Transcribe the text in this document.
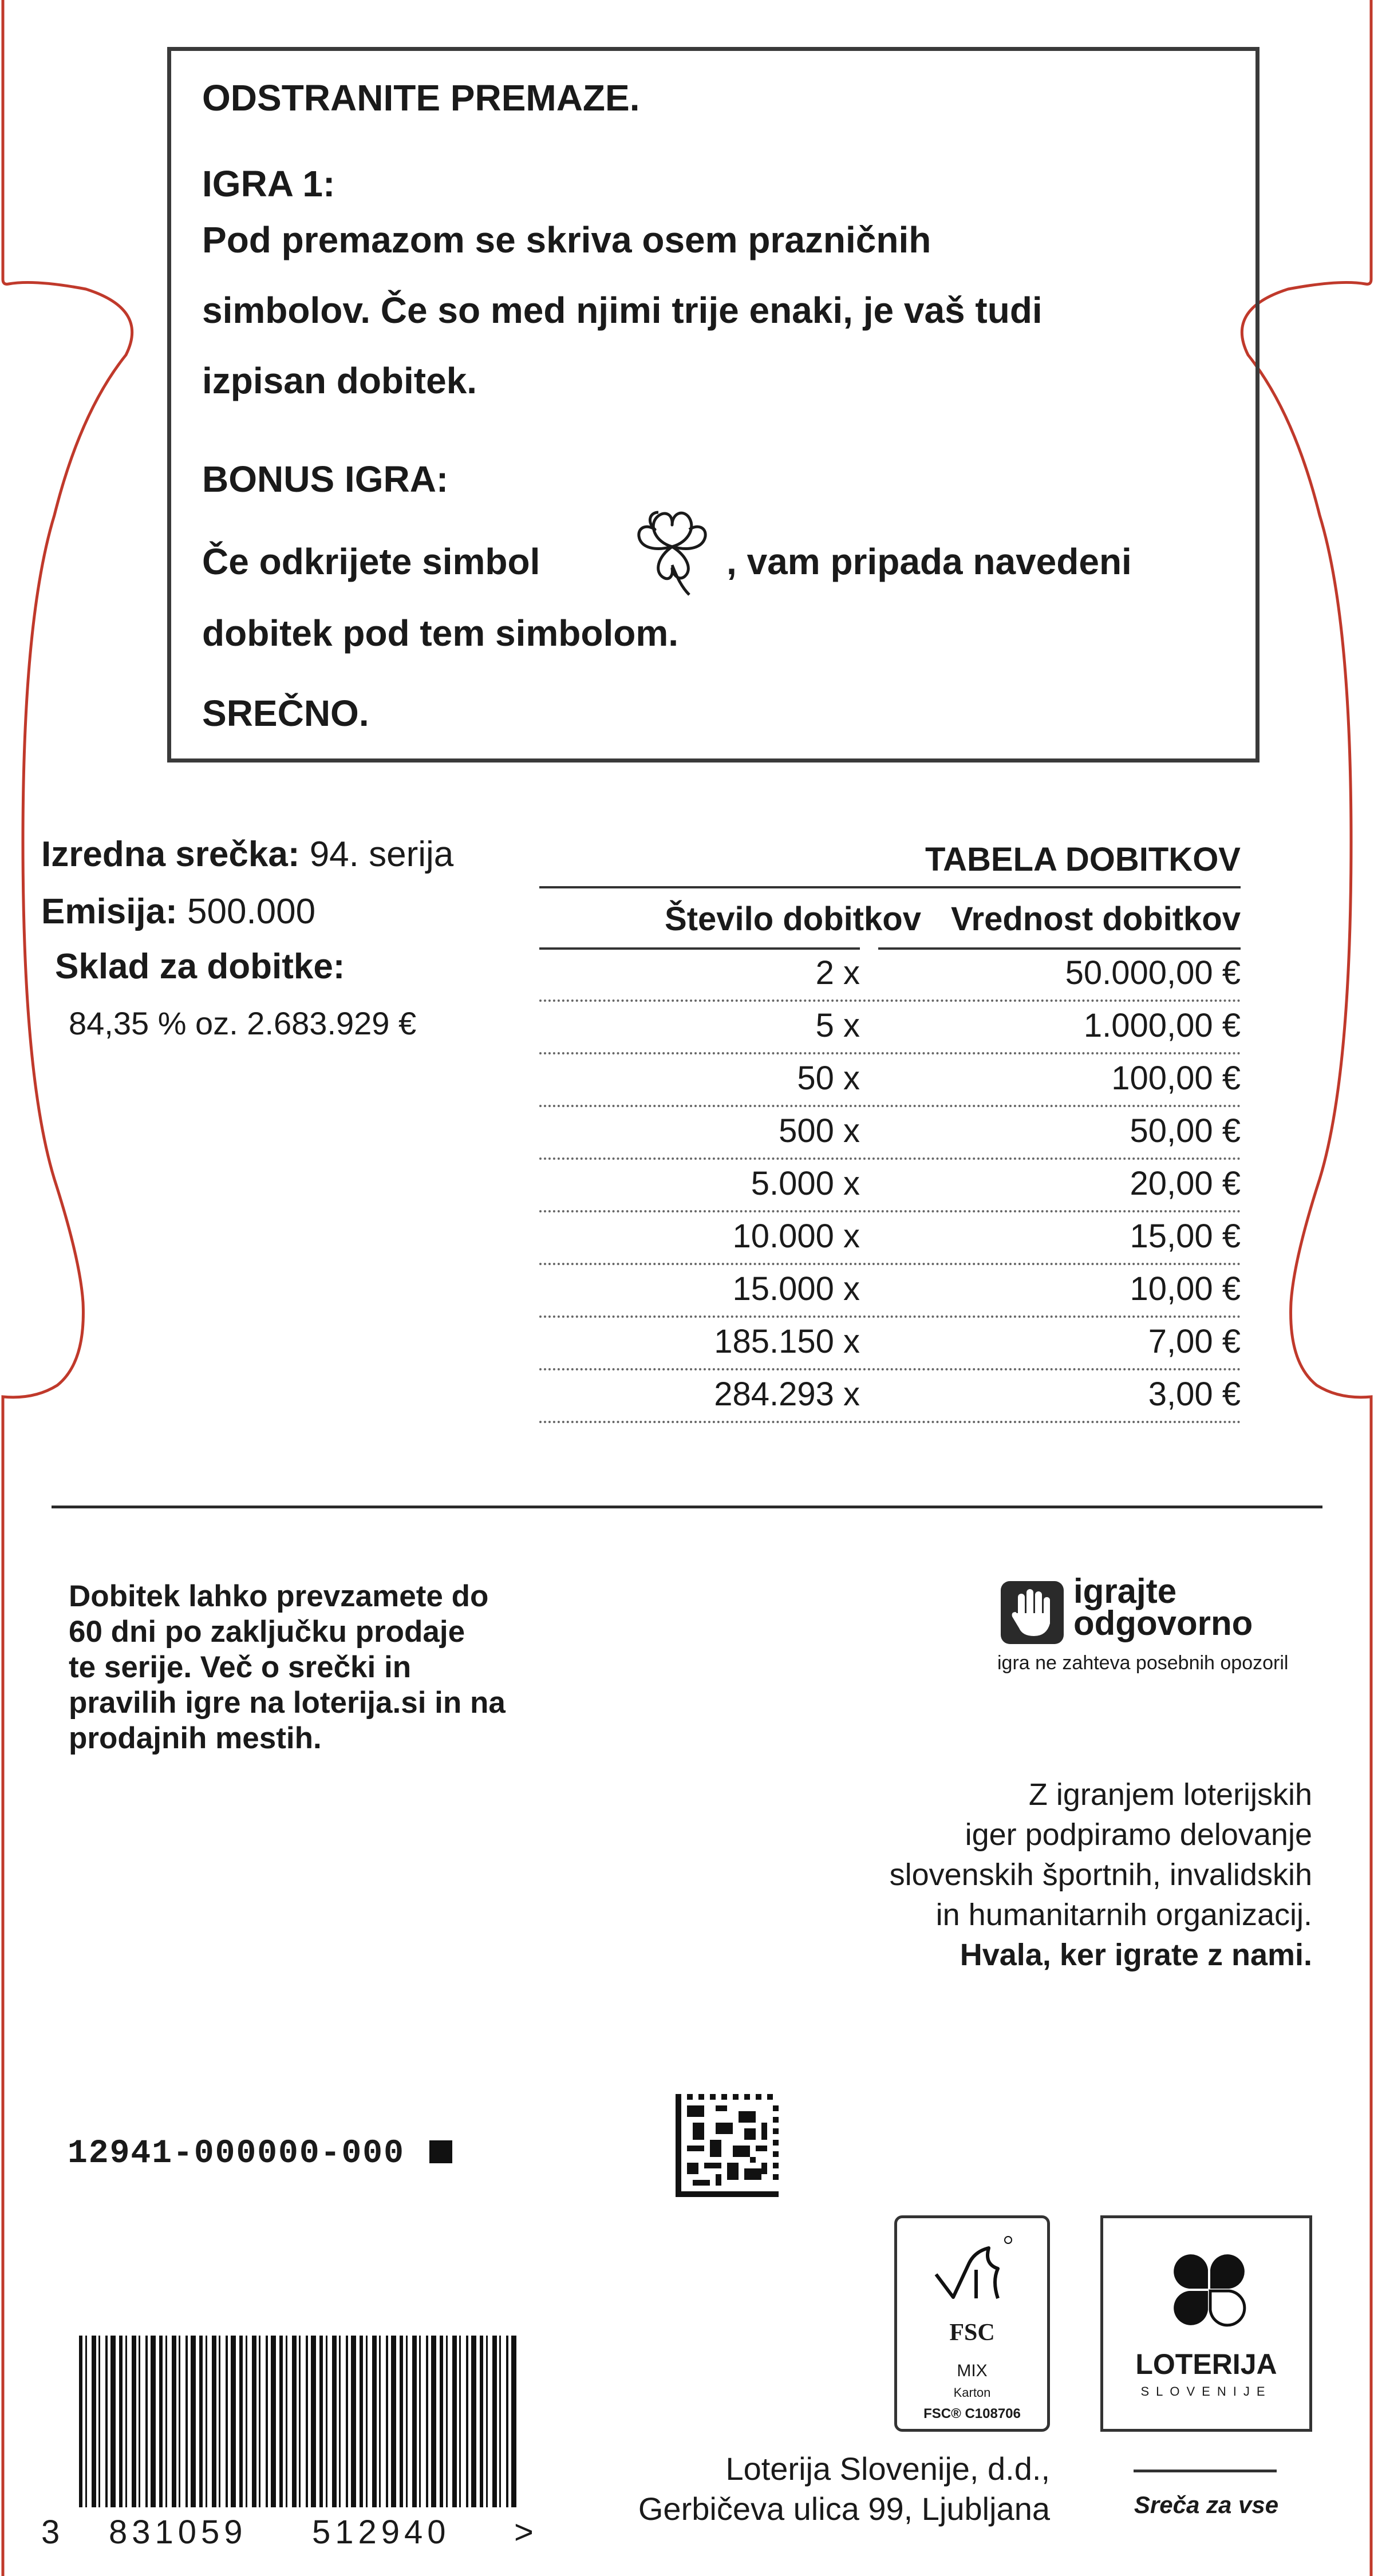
ODSTRANITE PREMAZE.
IGRA 1:
Pod premazom se skriva osem prazničnih
simbolov. Če so med njimi trije enaki, je vaš tudi
izpisan dobitek.
BONUS IGRA:
Če odkrijete simbol	, vam pripada navedeni
dobitek pod tem simbolom.
SREČNO.
Izredna srečka: 94. serija
Emisija: 500.000
Sklad za dobitke:
84,35 % oz. 2.683.929 €
TABELA DOBITKOV
Število dobitkov Vrednost dobitkov
2 x	50.000,00 €
5 x	1.000,00 €
50 x	100,00 €
500 x	50,00 €
5.000 x	20,00 €
10.000 x	15,00 €
15.000 x	10,00 €
185.150 x	7,00 €
284.293 x	3,00 €
Dobitek lahko prevzamete do
60 dni po zaključku prodaje
te serije. Več o srečki in
pravilih igre na loterija.si in na
prodajnih mestih.
igrajte
odgovorno
igra ne zahteva posebnih opozoril
Z igranjem loterijskih
iger podpiramo delovanje
slovenskih športnih, invalidskih
in humanitarnih organizacij.
Hvala, ker igrate z nami.
12941-000000-000
3 831059 512940 >
FSC
MIX
Karton
FSC® C108706
LOTERIJA
SLOVENIJE
Loterija Slovenije, d.d.,
Gerbičeva ulica 99, Ljubljana	Sreča za vse
